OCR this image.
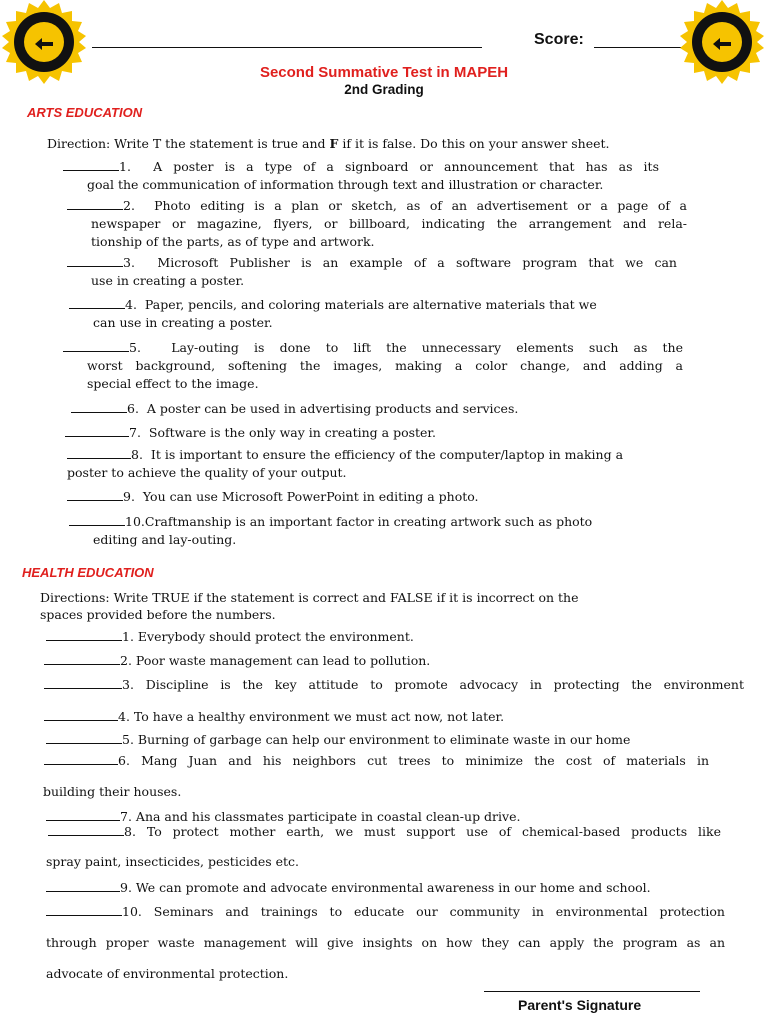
Score:
Second Summative Test in MAPEH
2nd Grading
ARTS EDUCATION
Direction: Write T the statement is true and F if it is false. Do this on your answer sheet.
1. A poster is a type of a signboard or announcement that has as its
goal the communication of information through text and illustration or character.
2. Photo editing is a plan or sketch, as of an advertisement or a page of a
newspaper or magazine, flyers, or billboard, indicating the arrangement and rela-
tionship of the parts, as of type and artwork.
3. Microsoft Publisher is an example of a software program that we can
use in creating a poster.
4. Paper, pencils, and coloring materials are alternative materials that we
can use in creating a poster.
5. Lay-outing is done to lift the unnecessary elements such as the
worst background, softening the images, making a color change, and adding a
special effect to the image.
6. A poster can be used in advertising products and services.
7. Software is the only way in creating a poster.
8. It is important to ensure the efficiency of the computer/laptop in making a
poster to achieve the quality of your output.
9. You can use Microsoft PowerPoint in editing a photo.
10.Craftmanship is an important factor in creating artwork such as photo
editing and lay-outing.
HEALTH EDUCATION
Directions: Write TRUE if the statement is correct and FALSE if it is incorrect on the
spaces provided before the numbers.
1. Everybody should protect the environment.
2. Poor waste management can lead to pollution.
3. Discipline is the key attitude to promote advocacy in protecting the environment
4. To have a healthy environment we must act now, not later.
5. Burning of garbage can help our environment to eliminate waste in our home
6. Mang Juan and his neighbors cut trees to minimize the cost of materials in
building their houses.
7. Ana and his classmates participate in coastal clean-up drive.
8. To protect mother earth, we must support use of chemical-based products like
spray paint, insecticides, pesticides etc.
9. We can promote and advocate environmental awareness in our home and school.
10. Seminars and trainings to educate our community in environmental protection
through proper waste management will give insights on how they can apply the program as an
advocate of environmental protection.
Parent's Signature
